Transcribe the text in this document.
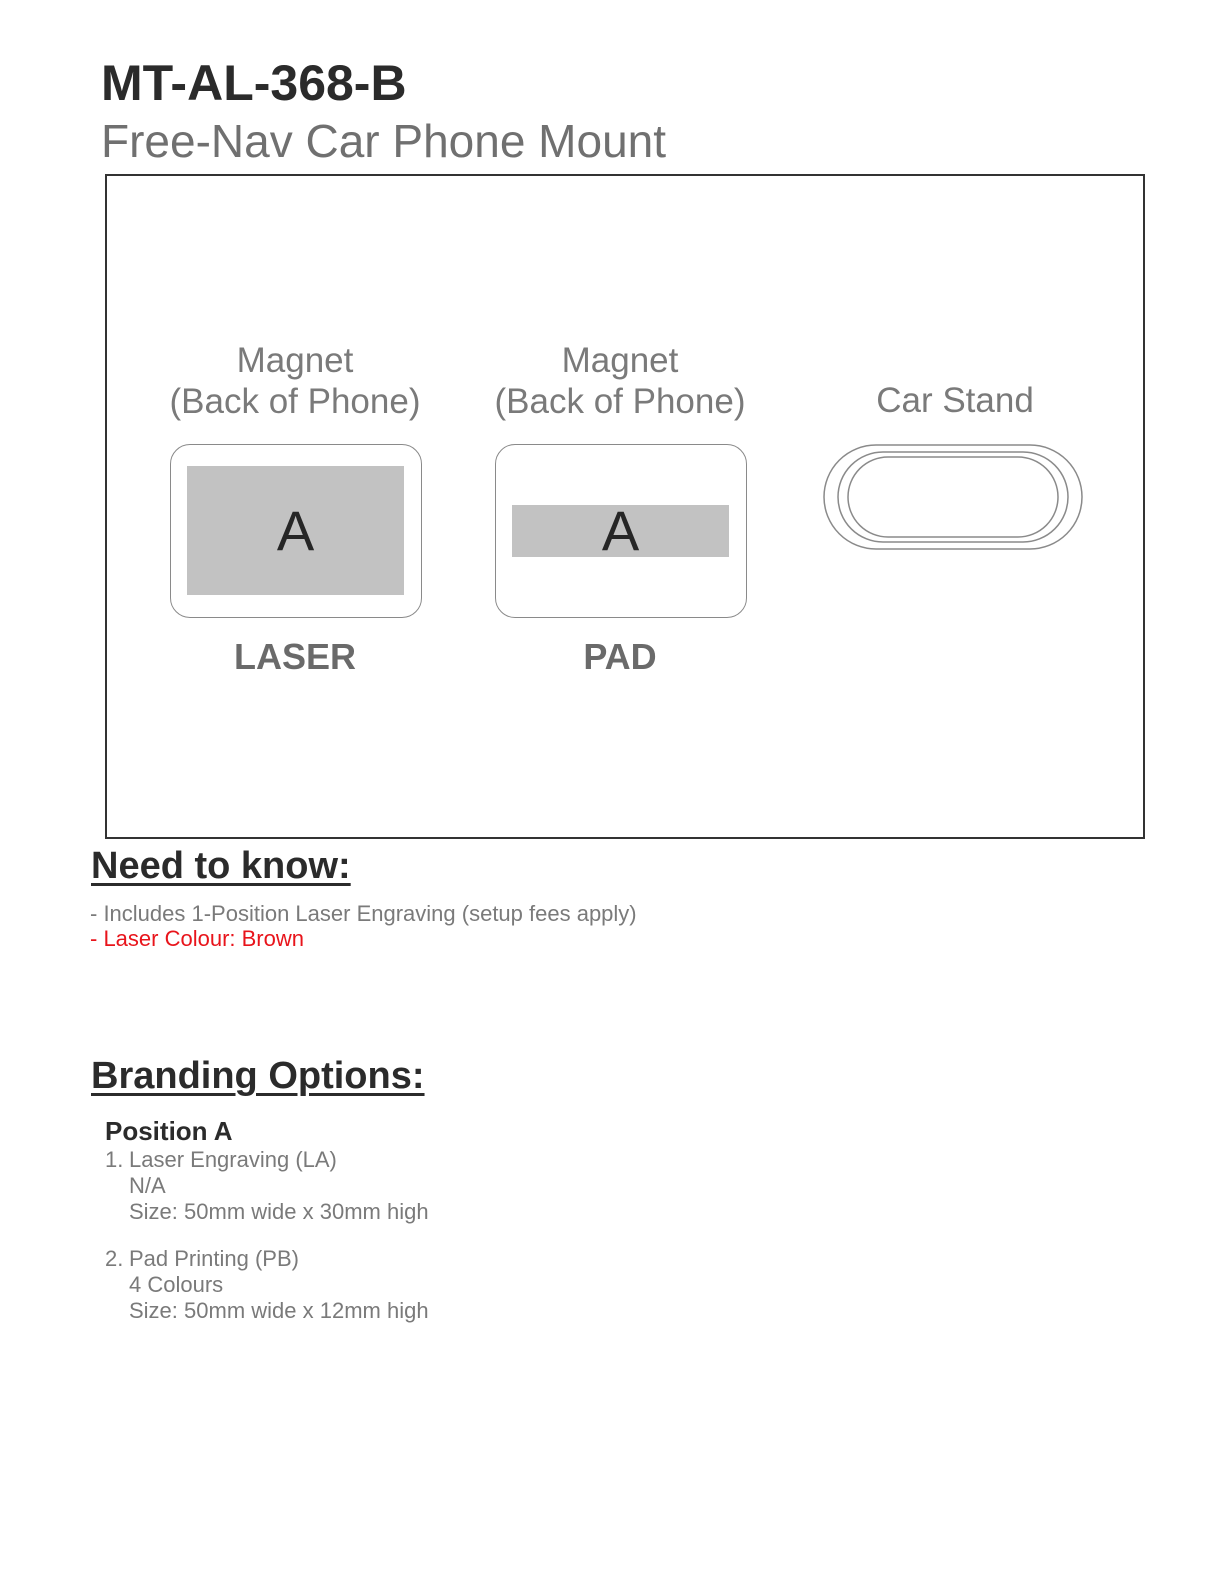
MT-AL-368-B
Free-Nav Car Phone Mount
Magnet
(Back of Phone)
A
LASER
Magnet
(Back of Phone)
A
PAD
Car Stand
Need to know:
- Includes 1-Position Laser Engraving (setup fees apply)
- Laser Colour: Brown
Branding Options:
Position A
1. Laser Engraving (LA)
N/A
Size: 50mm wide x 30mm high
2. Pad Printing (PB)
4 Colours
Size: 50mm wide x 12mm high
